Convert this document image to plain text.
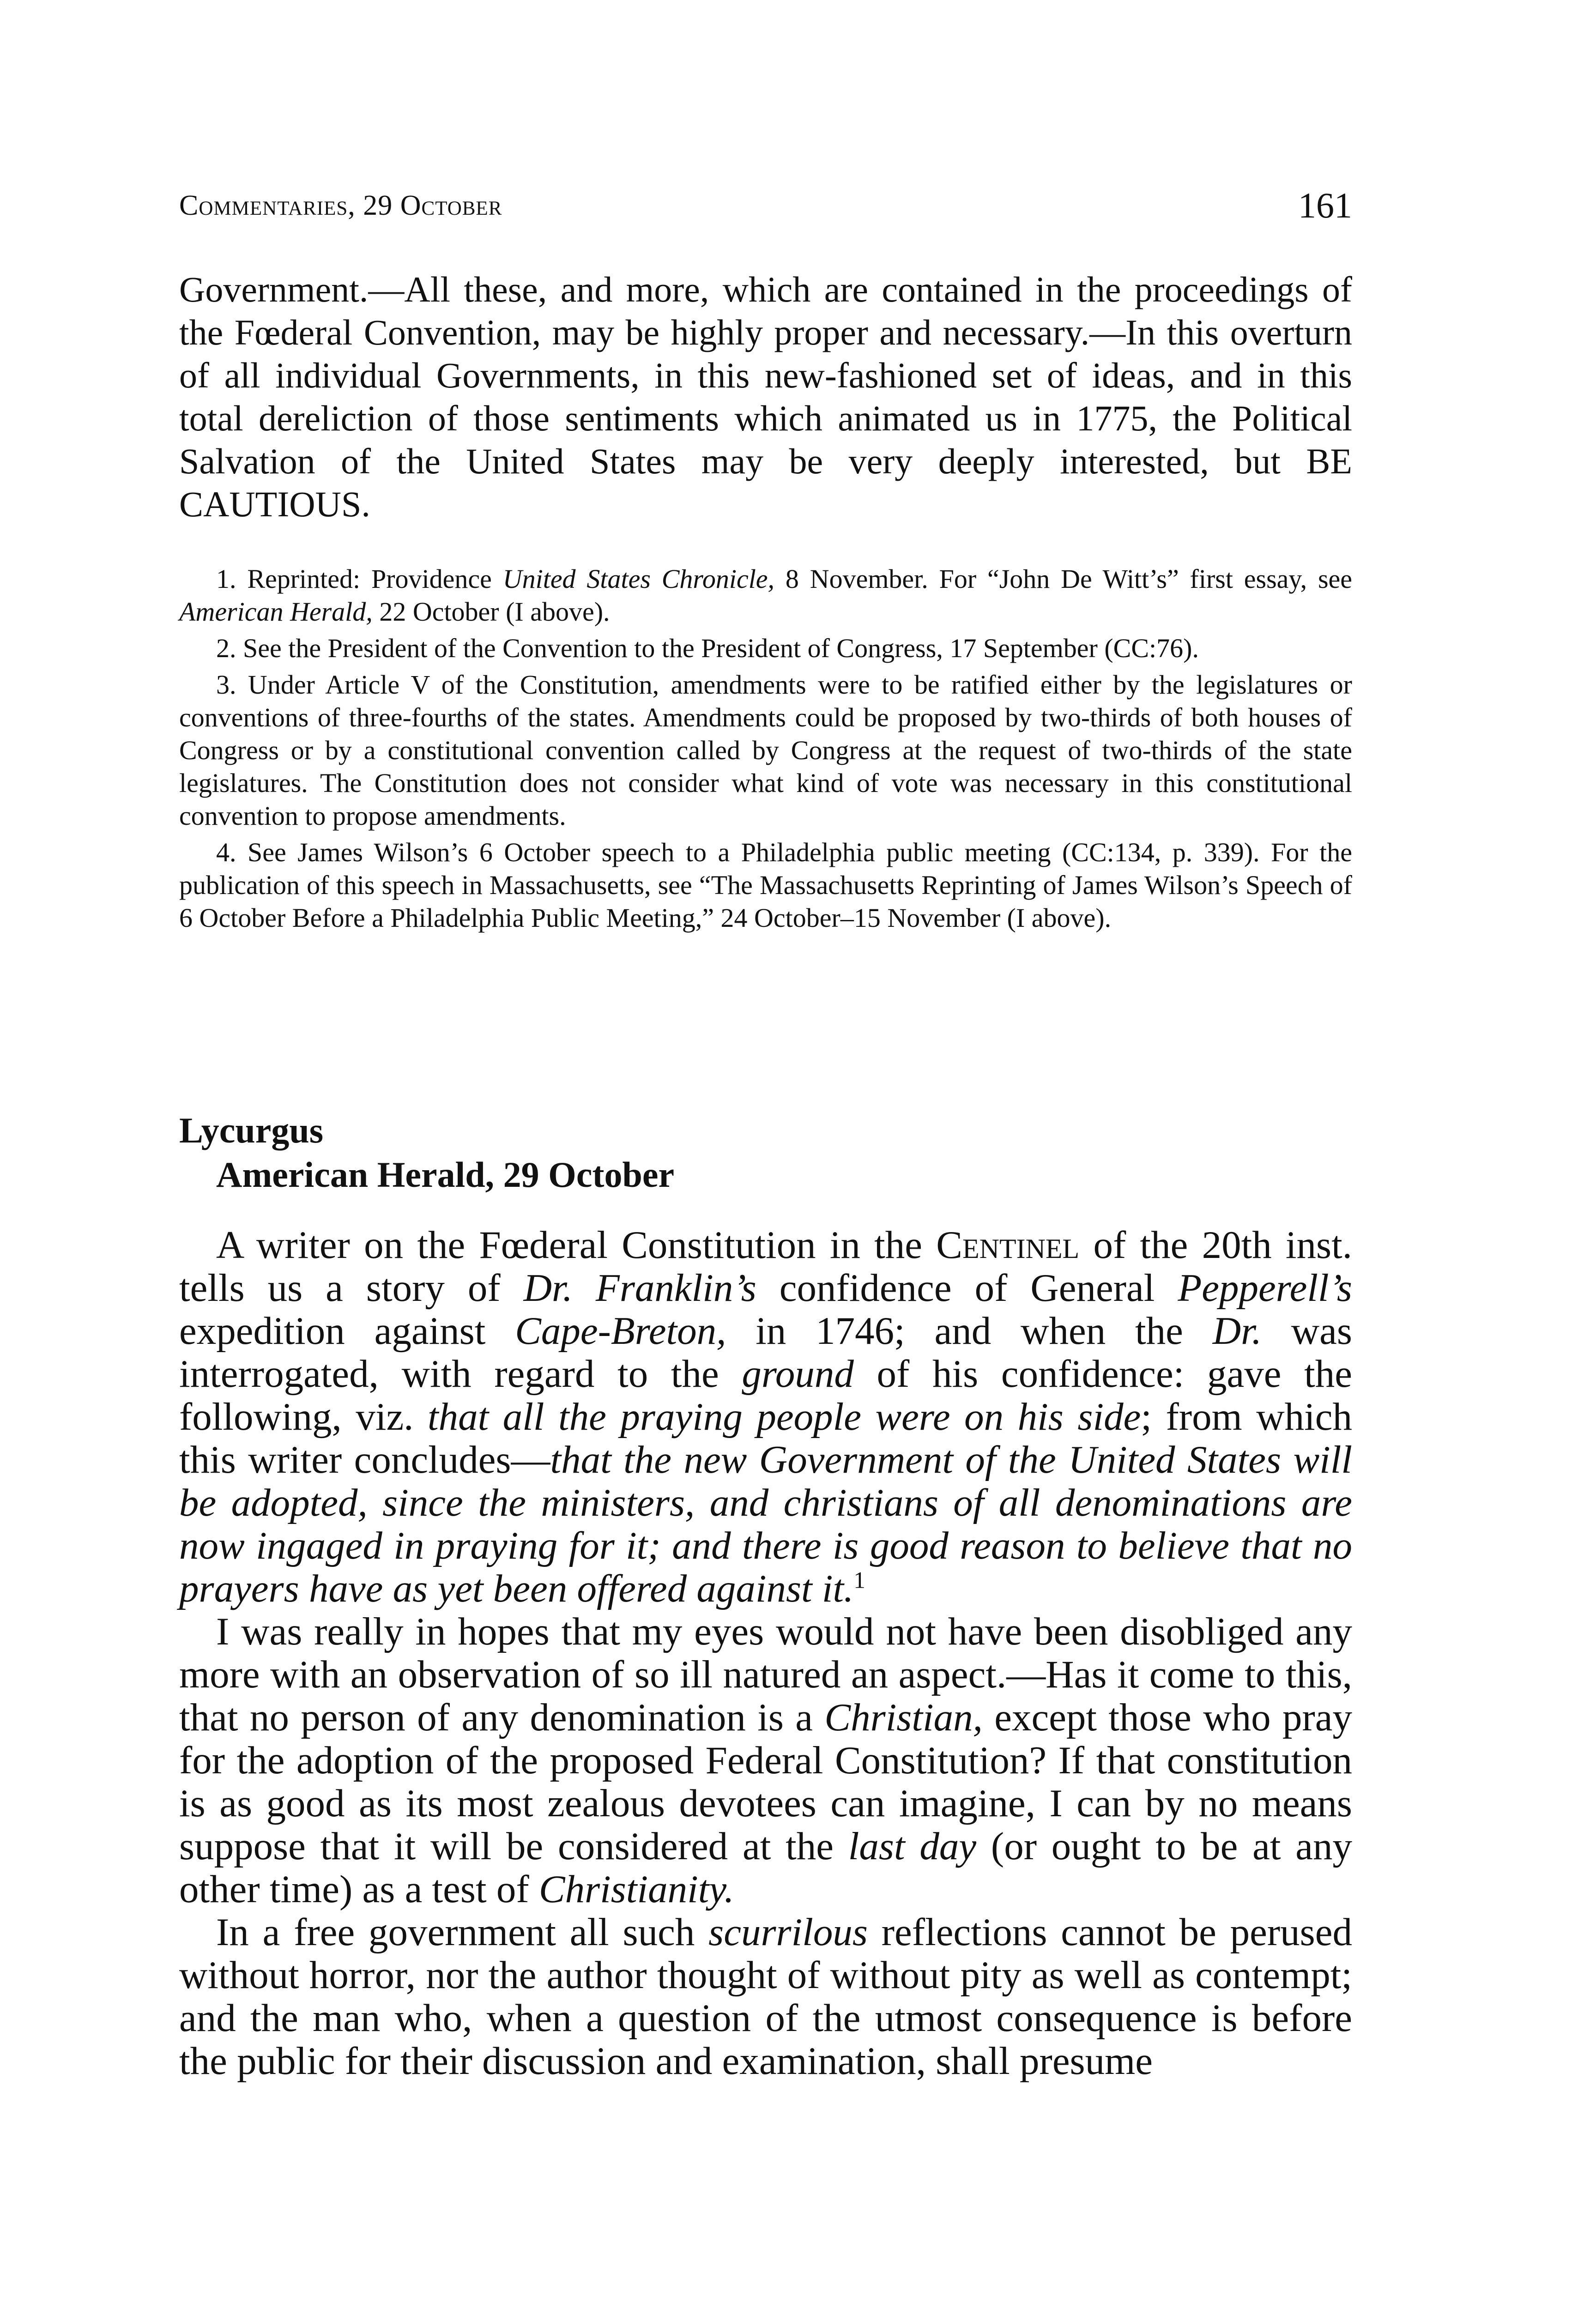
Commentaries, 29 October	161

Government.—All these, and more, which are contained in the proceedings of the Fœderal Convention, may be highly proper and necessary.—In this overturn of all individual Governments, in this new-fashioned set of ideas, and in this total dereliction of those sentiments which animated us in 1775, the Political Salvation of the United States may be very deeply interested, but BE CAUTIOUS.

1. Reprinted: Providence United States Chronicle, 8 November. For “John De Witt’s” first essay, see American Herald, 22 October (I above).

2. See the President of the Convention to the President of Congress, 17 September (CC:76).

3. Under Article V of the Constitution, amendments were to be ratified either by the legislatures or conventions of three-fourths of the states. Amendments could be proposed by two-thirds of both houses of Congress or by a constitutional convention called by Congress at the request of two-thirds of the state legislatures. The Constitution does not consider what kind of vote was necessary in this constitutional convention to propose amendments.

4. See James Wilson’s 6 October speech to a Philadelphia public meeting (CC:134, p. 339). For the publication of this speech in Massachusetts, see “The Massachusetts Reprinting of James Wilson’s Speech of 6 October Before a Philadelphia Public Meeting,” 24 October–15 November (I above).

Lycurgus
American Herald, 29 October

A writer on the Fœderal Constitution in the Centinel of the 20th inst. tells us a story of Dr. Franklin’s confidence of General Pepperell’s expedition against Cape-Breton, in 1746; and when the Dr. was interrogated, with regard to the ground of his confidence: gave the following, viz. that all the praying people were on his side; from which this writer concludes—that the new Government of the United States will be adopted, since the ministers, and christians of all denominations are now ingaged in praying for it; and there is good reason to believe that no prayers have as yet been offered against it.$^1$

I was really in hopes that my eyes would not have been disobliged any more with an observation of so ill natured an aspect.—Has it come to this, that no person of any denomination is a Christian, except those who pray for the adoption of the proposed Federal Constitution? If that constitution is as good as its most zealous devotees can imagine, I can by no means suppose that it will be considered at the last day (or ought to be at any other time) as a test of Christianity.

In a free government all such scurrilous reflections cannot be perused without horror, nor the author thought of without pity as well as contempt; and the man who, when a question of the utmost consequence is before the public for their discussion and examination, shall presume
